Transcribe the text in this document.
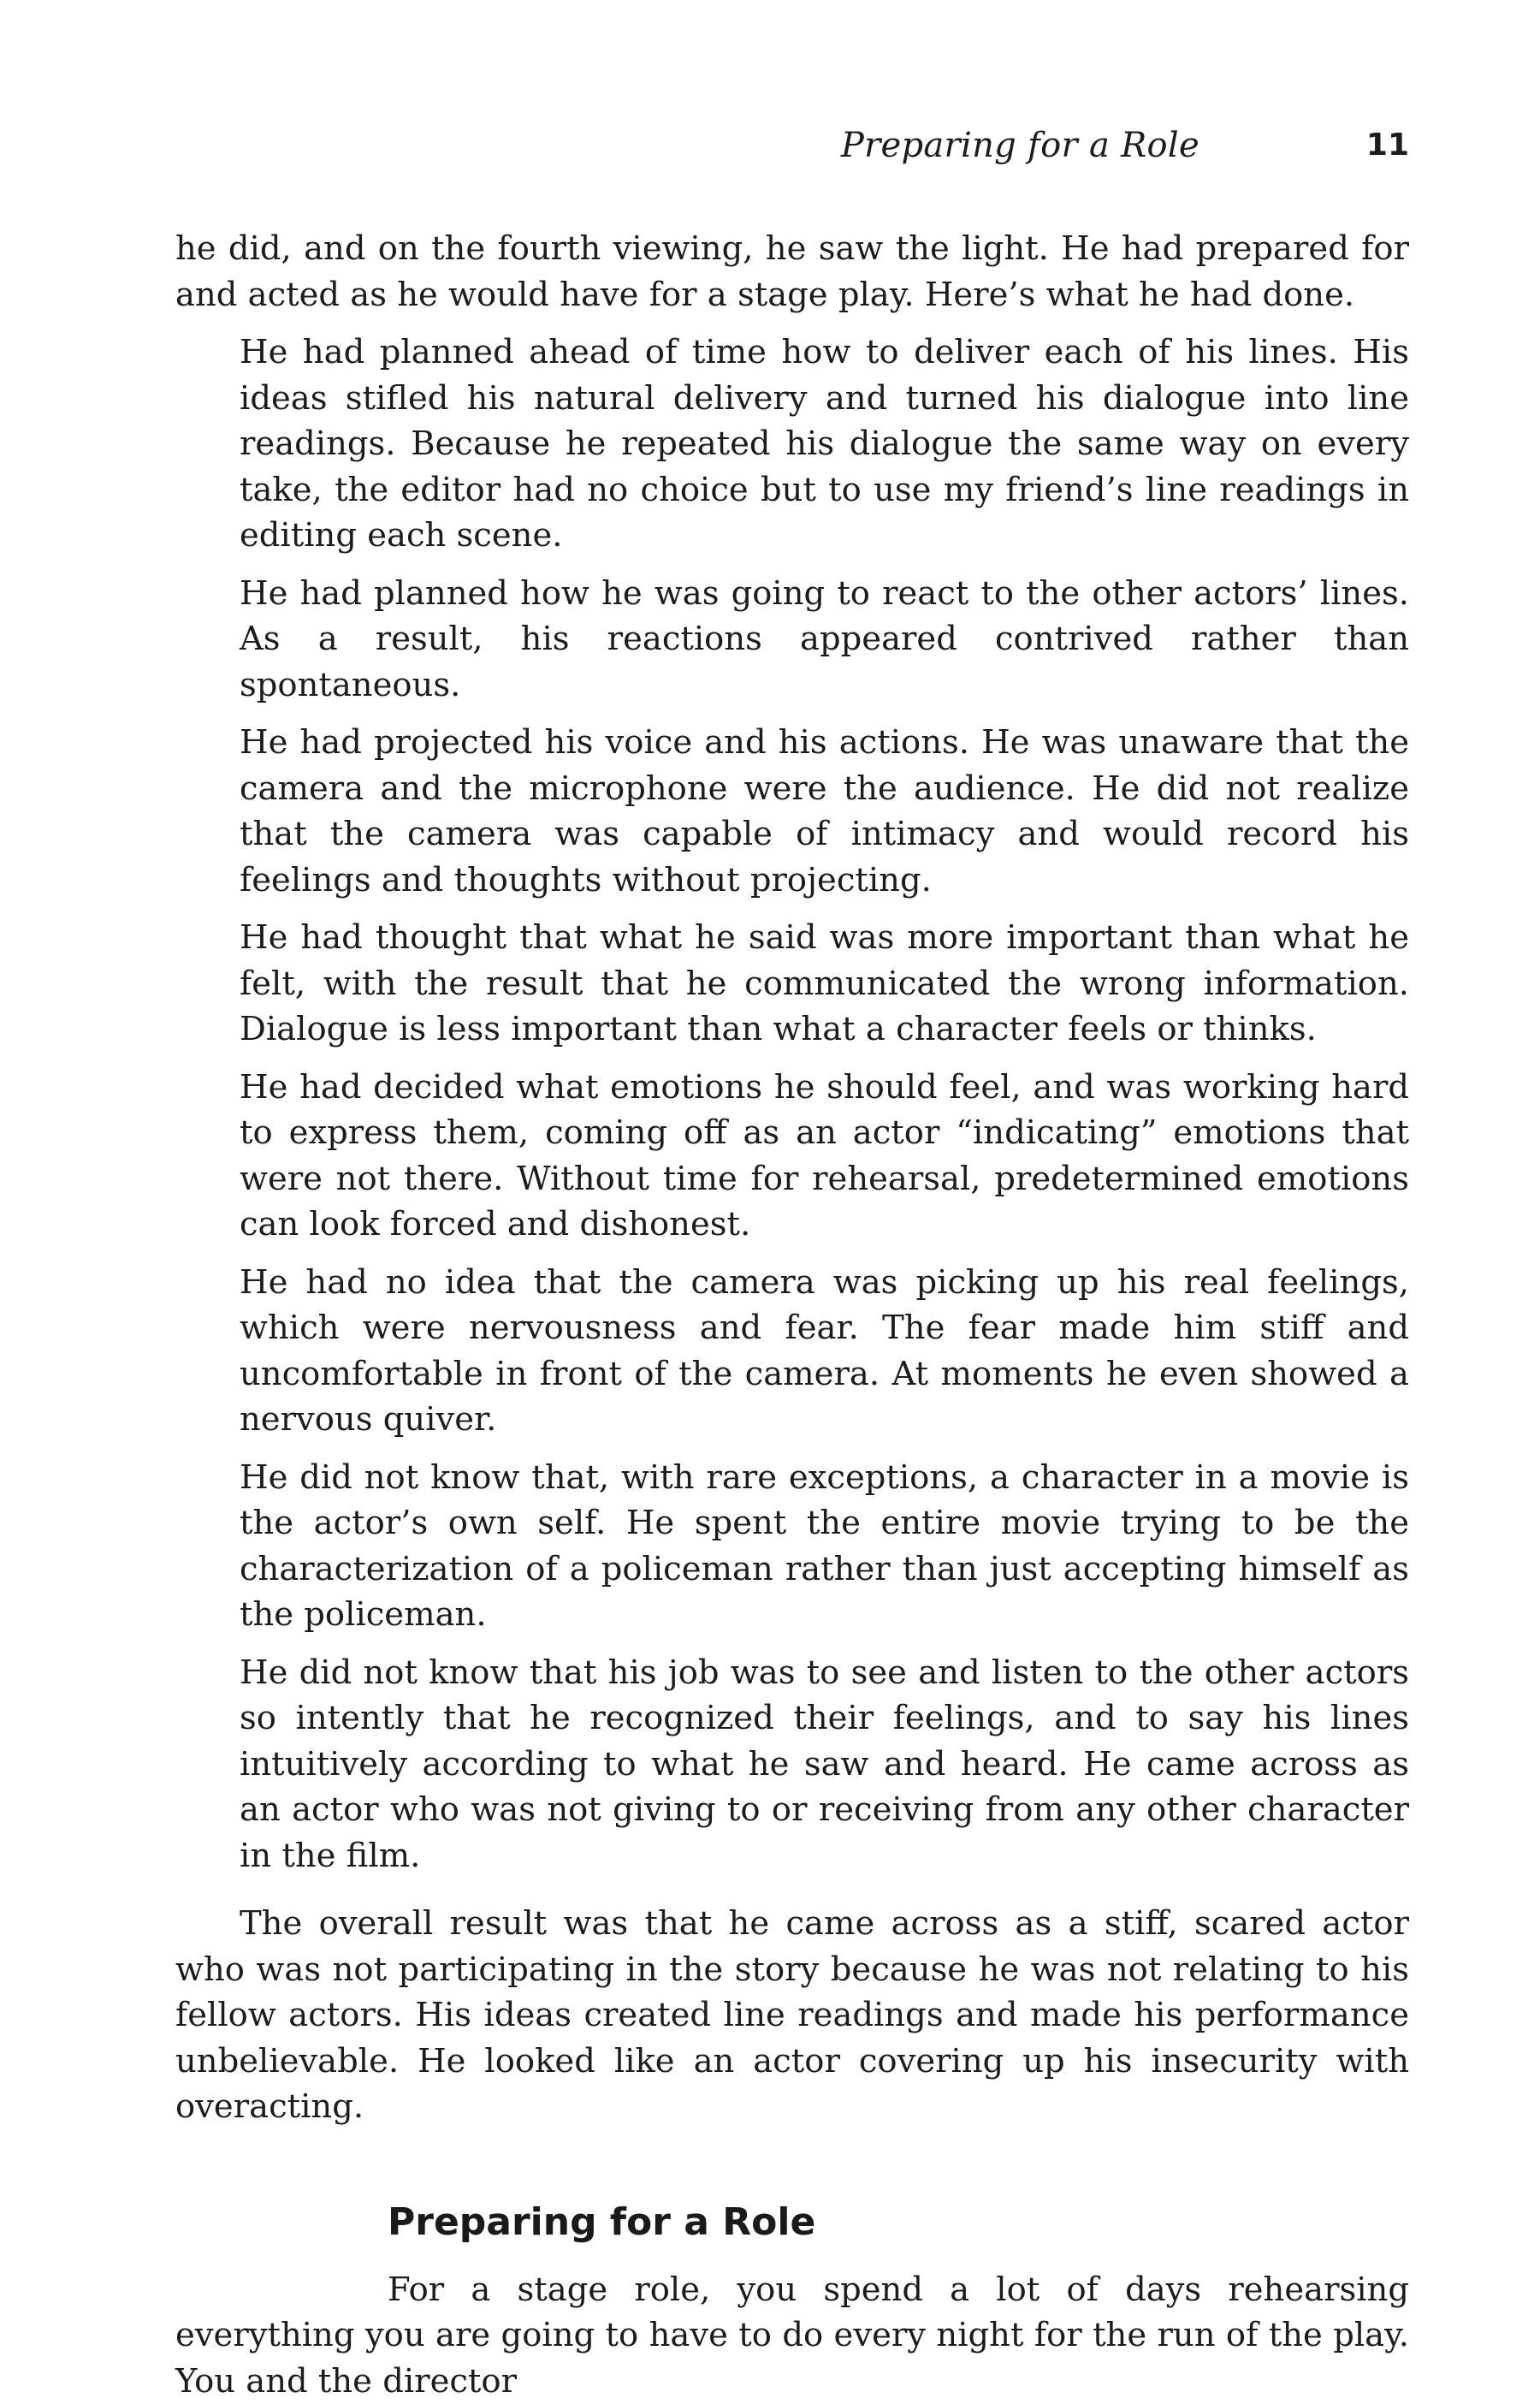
Preparing for a Role	11

he did, and on the fourth viewing, he saw the light. He had prepared for and acted as he would have for a stage play. Here’s what he had done.

He had planned ahead of time how to deliver each of his lines. His ideas stifled his natural delivery and turned his dialogue into line readings. Because he repeated his dialogue the same way on every take, the editor had no choice but to use my friend’s line readings in editing each scene.
He had planned how he was going to react to the other actors’ lines. As a result, his reactions appeared contrived rather than spontaneous.
He had projected his voice and his actions. He was unaware that the camera and the microphone were the audience. He did not realize that the camera was capable of intimacy and would record his feelings and thoughts without projecting.
He had thought that what he said was more important than what he felt, with the result that he communicated the wrong information. Dialogue is less important than what a character feels or thinks.
He had decided what emotions he should feel, and was working hard to express them, coming off as an actor “indicating” emotions that were not there. Without time for rehearsal, predetermined emotions can look forced and dishonest.
He had no idea that the camera was picking up his real feelings, which were nervousness and fear. The fear made him stiff and uncomfortable in front of the camera. At moments he even showed a nervous quiver.
He did not know that, with rare exceptions, a character in a movie is the actor’s own self. He spent the entire movie trying to be the characterization of a policeman rather than just accepting himself as the policeman.
He did not know that his job was to see and listen to the other actors so intently that he recognized their feelings, and to say his lines intuitively according to what he saw and heard. He came across as an actor who was not giving to or receiving from any other character in the film.

The overall result was that he came across as a stiff, scared actor who was not participating in the story because he was not relating to his fellow actors. His ideas created line readings and made his performance unbelievable. He looked like an actor covering up his insecurity with overacting.

Preparing for a Role

For a stage role, you spend a lot of days rehearsing everything you are going to have to do every night for the run of the play. You and the director
